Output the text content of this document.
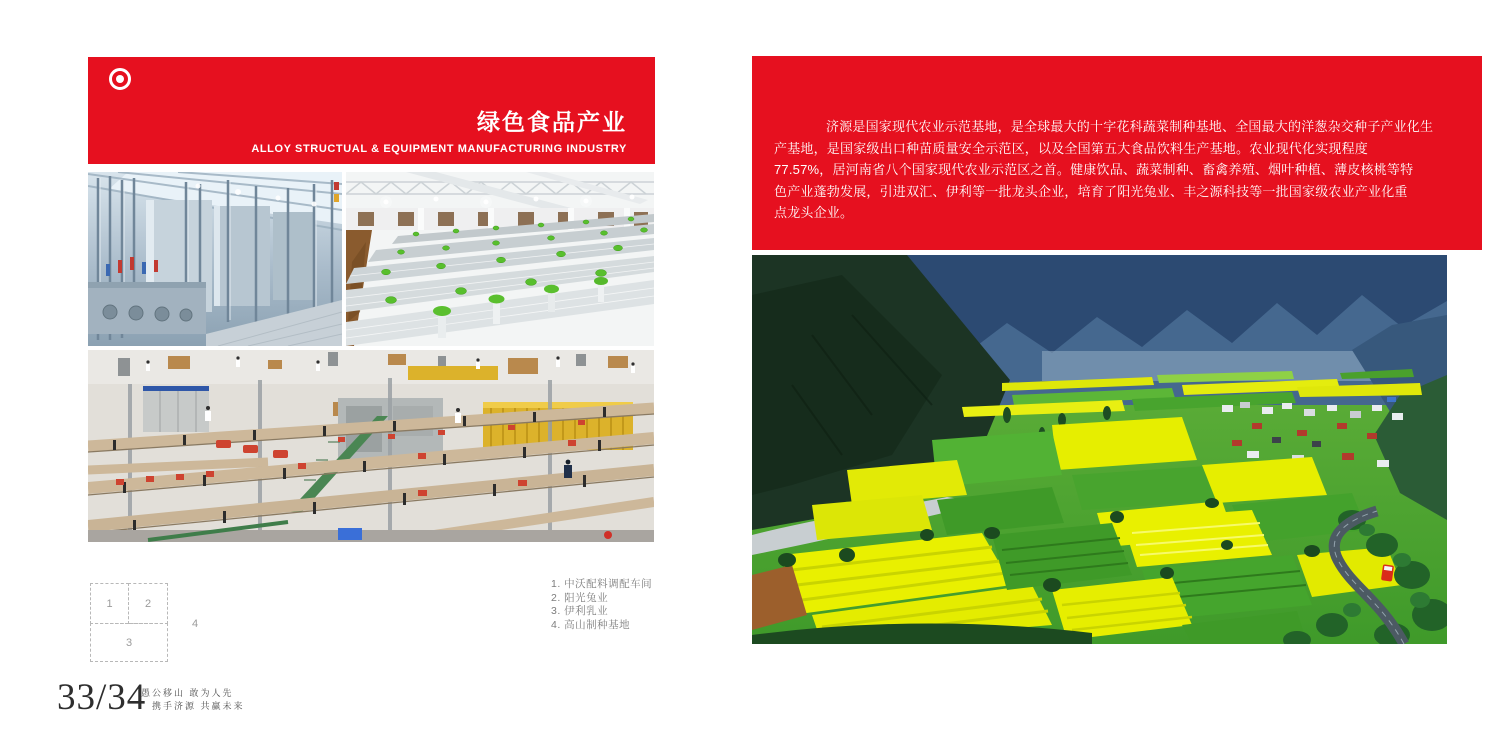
绿色食品产业
ALLOY STRUCTUAL & EQUIPMENT MANUFACTURING INDUSTRY
1	2
3
4
1. 中沃配料调配车间
2. 阳光兔业
3. 伊利乳业
4. 高山制种基地
33/34
愚公移山 敢为人先
携手济源 共赢未来
济源是国家现代农业示范基地，是全球最大的十字花科蔬菜制种基地、全国最大的洋葱杂交种子产业化生
产基地，是国家级出口种苗质量安全示范区，以及全国第五大食品饮料生产基地。农业现代化实现程度
77.57%，居河南省八个国家现代农业示范区之首。健康饮品、蔬菜制种、畜禽养殖、烟叶种植、薄皮核桃等特
色产业蓬勃发展，引进双汇、伊利等一批龙头企业，培育了阳光兔业、丰之源科技等一批国家级农业产业化重
点龙头企业。
